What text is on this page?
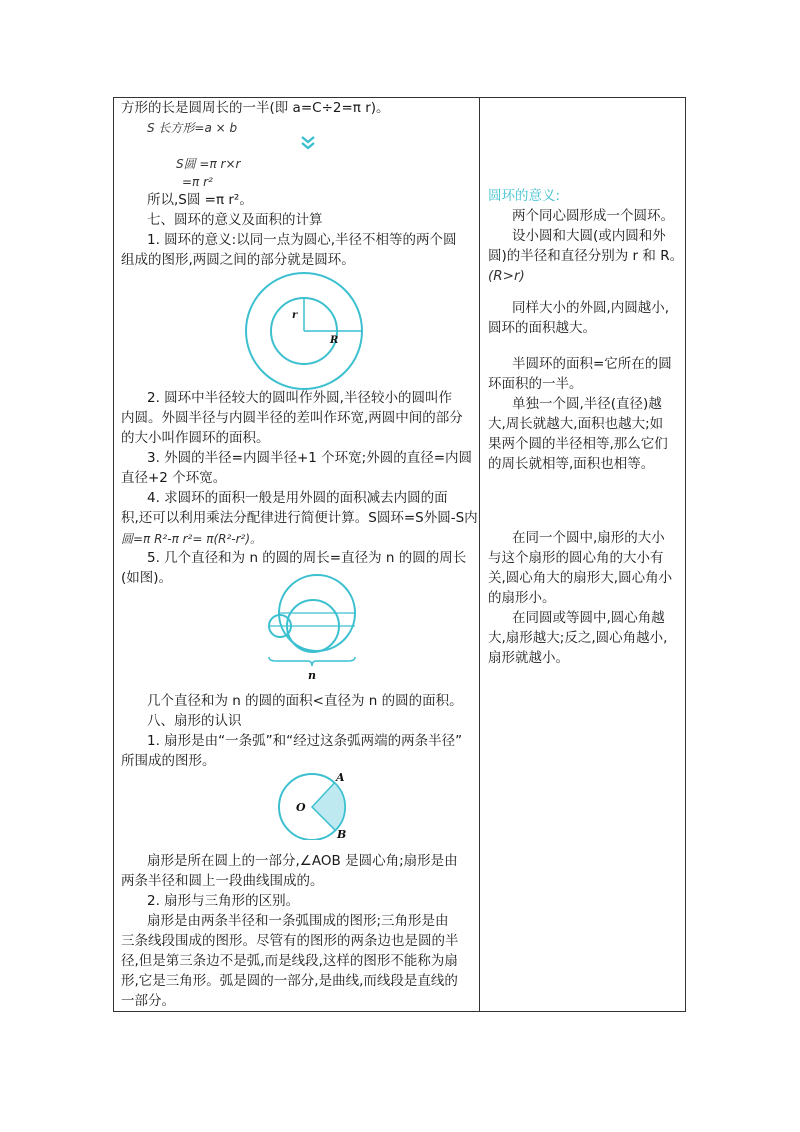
方形的长是圆周长的一半(即 a=C÷2=π r)。
S 长方形=a × b
S圆 =π r×r
=π r²
所以,S圆 =π r²。
七、圆环的意义及面积的计算
1. 圆环的意义:以同一点为圆心,半径不相等的两个圆
组成的图形,两圆之间的部分就是圆环。
r
R
2. 圆环中半径较大的圆叫作外圆,半径较小的圆叫作
内圆。外圆半径与内圆半径的差叫作环宽,两圆中间的部分
的大小叫作圆环的面积。
3. 外圆的半径=内圆半径+1 个环宽;外圆的直径=内圆
直径+2 个环宽。
4. 求圆环的面积一般是用外圆的面积减去内圆的面
积,还可以利用乘法分配律进行简便计算。S圆环=S外圆-S内
圆=π R²-π r²= π(R²-r²)。
5. 几个直径和为 n 的圆的周长=直径为 n 的圆的周长
(如图)。
n
几个直径和为 n 的圆的面积<直径为 n 的圆的面积。
八、扇形的认识
1. 扇形是由“一条弧”和“经过这条弧两端的两条半径”
所围成的图形。
O
A
B
扇形是所在圆上的一部分,∠AOB 是圆心角;扇形是由
两条半径和圆上一段曲线围成的。
2. 扇形与三角形的区别。
扇形是由两条半径和一条弧围成的图形;三角形是由
三条线段围成的图形。尽管有的图形的两条边也是圆的半
径,但是第三条边不是弧,而是线段,这样的图形不能称为扇
形,它是三角形。弧是圆的一部分,是曲线,而线段是直线的
一部分。
圆环的意义:
两个同心圆形成一个圆环。
设小圆和大圆(或内圆和外
圆)的半径和直径分别为 r 和 R。
(R>r)
同样大小的外圆,内圆越小,
圆环的面积越大。
半圆环的面积=它所在的圆
环面积的一半。
单独一个圆,半径(直径)越
大,周长就越大,面积也越大;如
果两个圆的半径相等,那么它们
的周长就相等,面积也相等。
在同一个圆中,扇形的大小
与这个扇形的圆心角的大小有
关,圆心角大的扇形大,圆心角小
的扇形小。
在同圆或等圆中,圆心角越
大,扇形越大;反之,圆心角越小,
扇形就越小。
